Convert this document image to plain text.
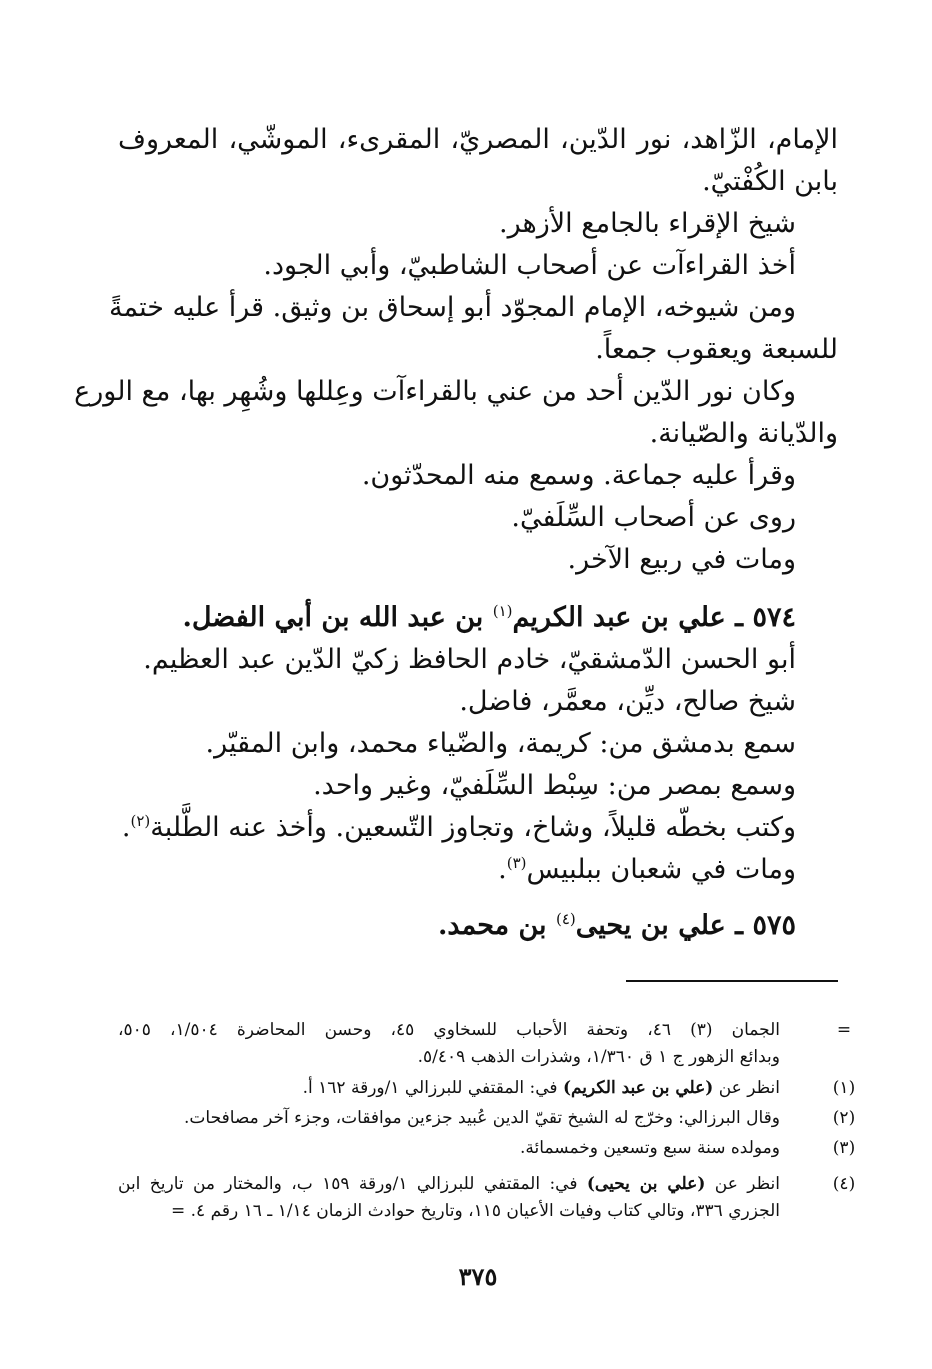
الإمام، الزّاهد، نور الدّين، المصريّ، المقرىء، الموشّي، المعروف
بابن الكُفْتيّ.
شيخ الإقراء بالجامع الأزهر.
أخذ القراءآت عن أصحاب الشاطبيّ، وأبي الجود.
ومن شيوخه، الإمام المجوّد أبو إسحاق بن وثيق. قرأ عليه ختمةً
للسبعة ويعقوب جمعاً.
وكان نور الدّين أحد من عني بالقراءآت وعِللها وشُهِر بها، مع الورع
والدّيانة والصّيانة.
وقرأ عليه جماعة. وسمع منه المحدّثون.
روى عن أصحاب السِّلَفيّ.
ومات في ربيع الآخر.
٥٧٤ ـ علي بن عبد الكريم$^{(١)}$ بن عبد الله بن أبي الفضل.
أبو الحسن الدّمشقيّ، خادم الحافظ زكيّ الدّين عبد العظيم.
شيخ صالح، ديِّن، معمَّر، فاضل.
سمع بدمشق من: كريمة، والضّياء محمد، وابن المقيّر.
وسمع بمصر من: سِبْط السِّلَفيّ، وغير واحد.
وكتب بخطّه قليلاً، وشاخ، وتجاوز التّسعين. وأخذ عنه الطَّلبة$^{(٢)}$.
ومات في شعبان ببلبيس$^{(٣)}$.
٥٧٥ ـ علي بن يحيى$^{(٤)}$ بن محمد.
=
الجمان (٣) ٤٦، وتحفة الأحباب للسخاوي ٤٥، وحسن المحاضرة ١/٥٠٤، ٥٠٥،
وبدائع الزهور ج ١ ق ١/٣٦٠، وشذرات الذهب ٥/٤٠٩.
(١)
انظر عن (علي بن عبد الكريم) في: المقتفي للبرزالي ١/ورقة ١٦٢ أ.
(٢)
وقال البرزالي: وخرّج له الشيخ تقيّ الدين عُبيد جزءين موافقات، وجزء آخر مصافحات.
(٣)
ومولده سنة سبع وتسعين وخمسمائة.
(٤)
انظر عن (علي بن يحيى) في: المقتفي للبرزالي ١/ورقة ١٥٩ ب، والمختار من تاريخ ابن
الجزري ٣٣٦، وتالي كتاب وفيات الأعيان ١١٥، وتاريخ حوادث الزمان ١/١٤ ـ ١٦ رقم ٤. =
٣٧٥
